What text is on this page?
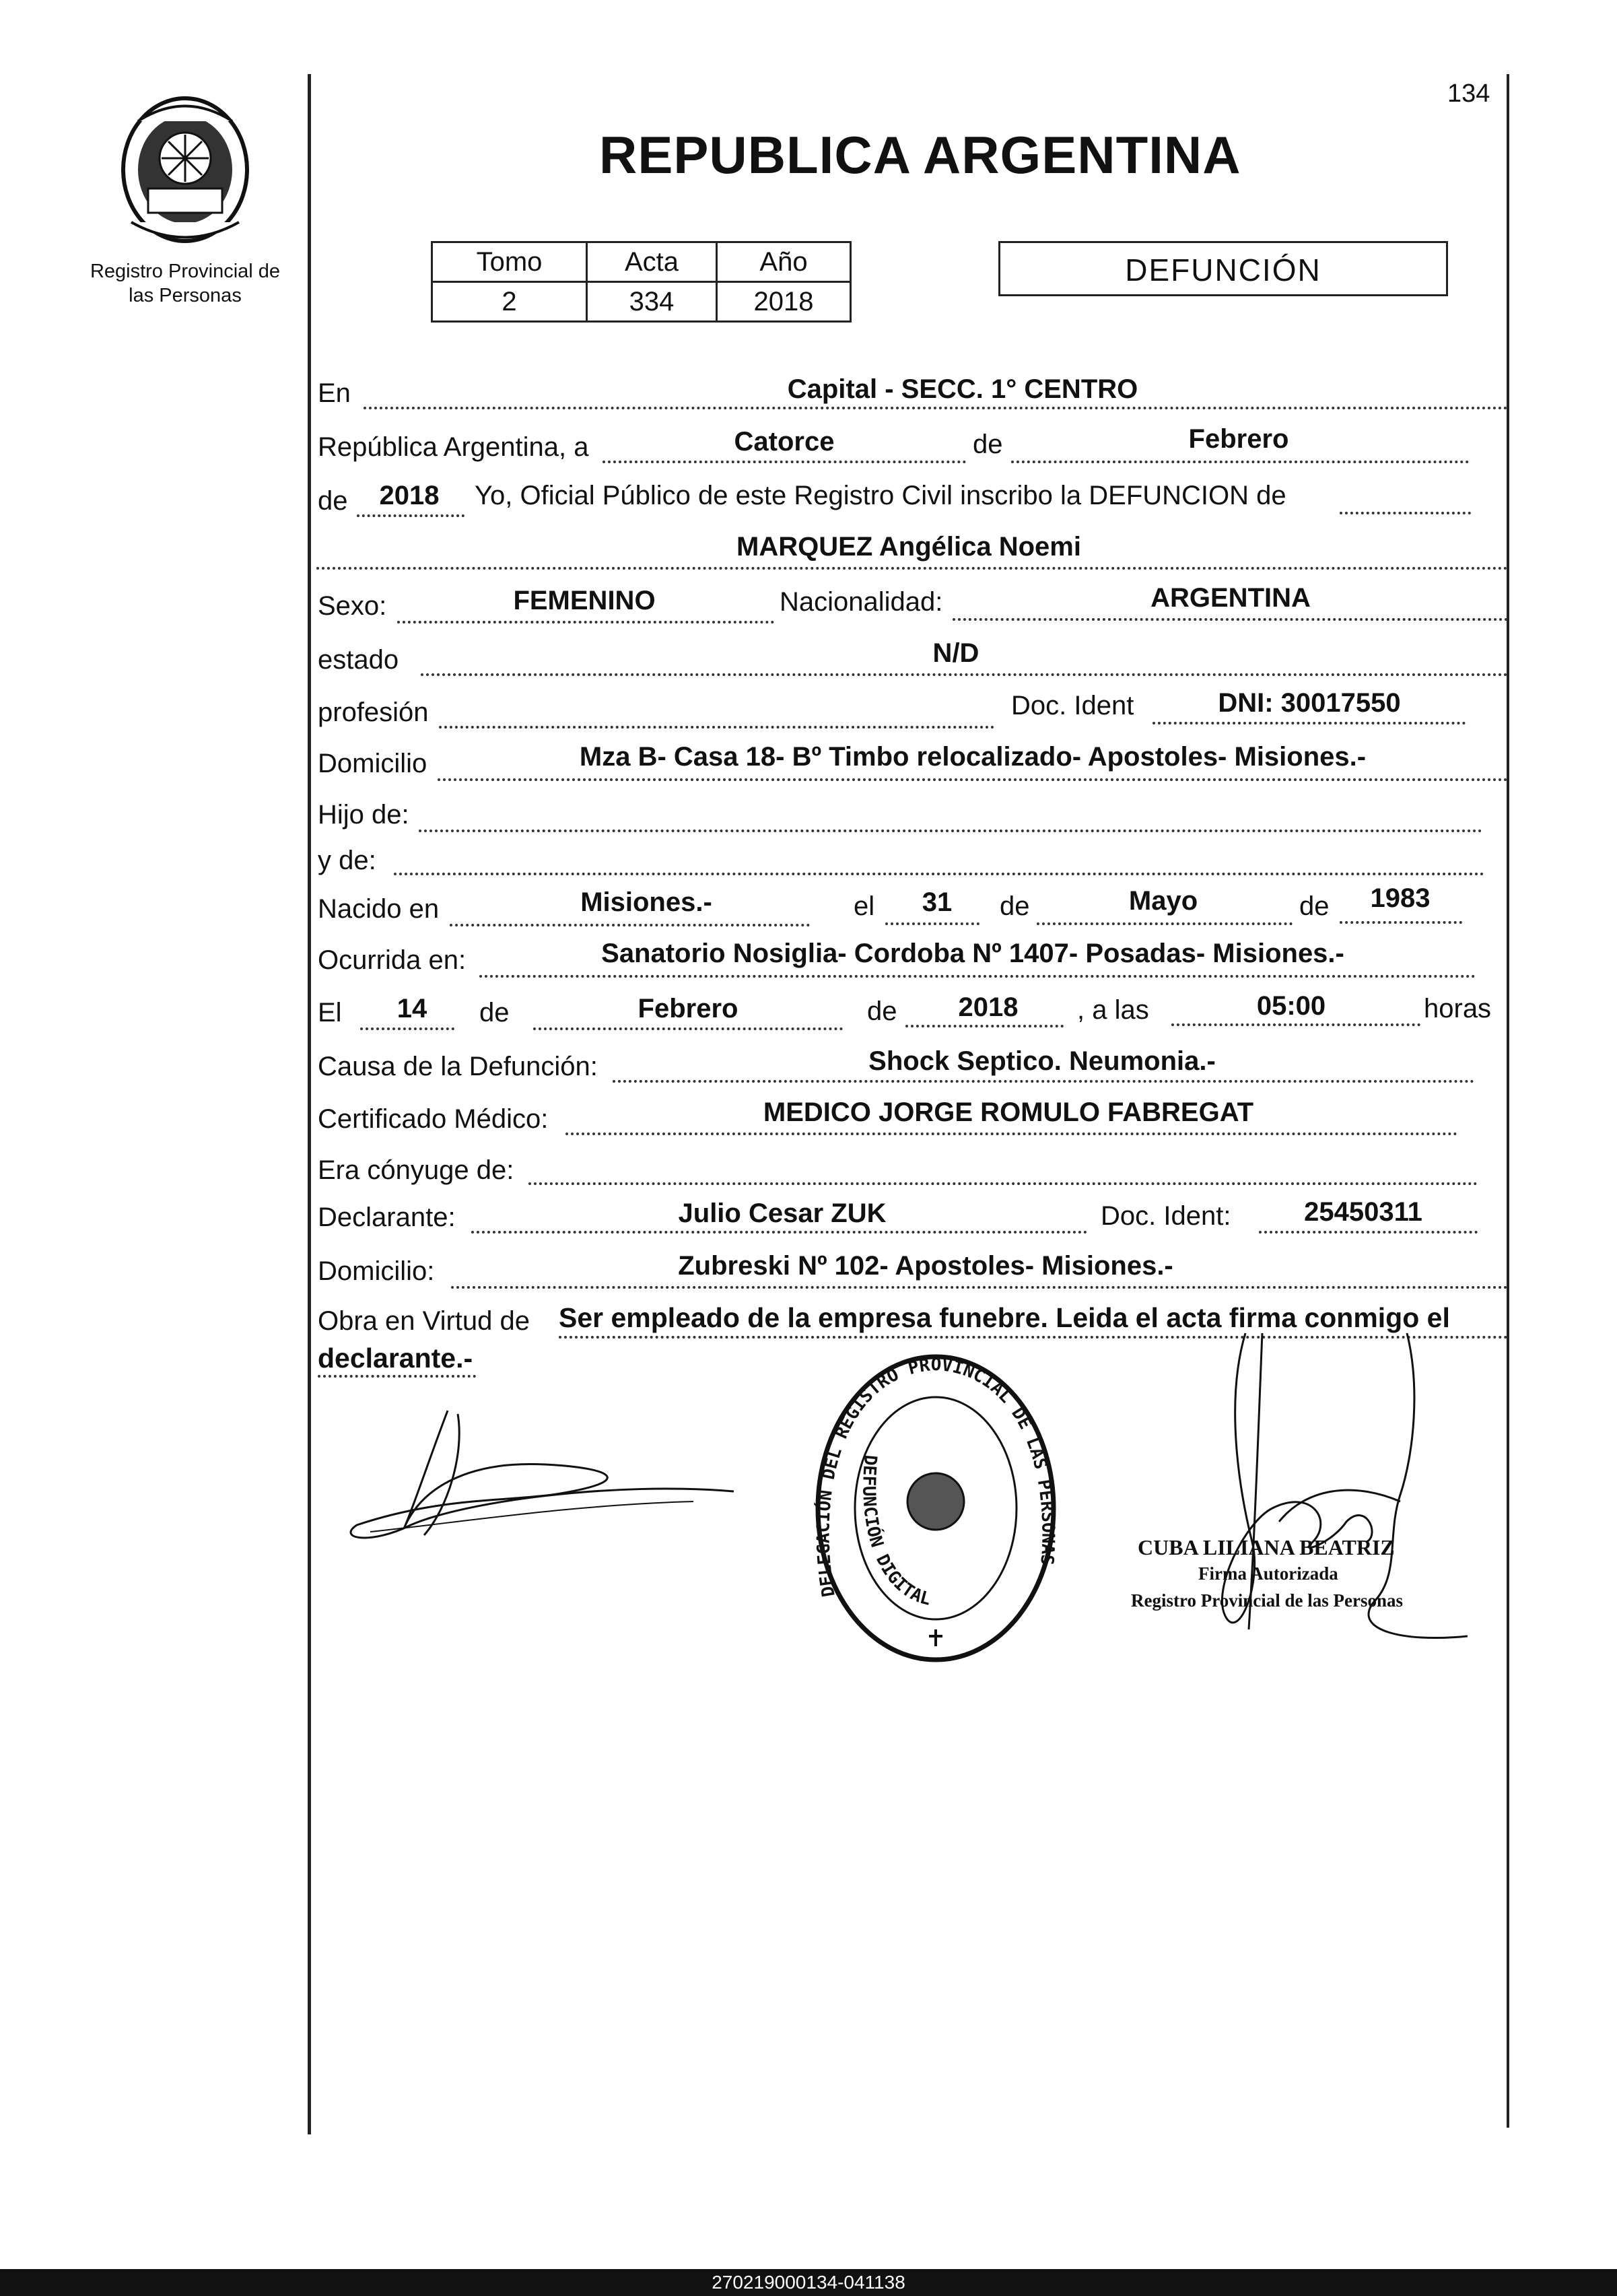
Registro Provincial de
las Personas
134
REPUBLICA ARGENTINA
Tomo	Acta	Año
2	334	2018
DEFUNCIÓN
En	Capital - SECC. 1° CENTRO
República Argentina, a	Catorce	de	Febrero
de 2018 Yo, Oficial Público de este Registro Civil inscribo la DEFUNCION de
MARQUEZ Angélica Noemi
Sexo:	FEMENINO	Nacionalidad:	ARGENTINA
estado	N/D
profesión	Doc. Ident	DNI: 30017550
Domicilio	Mza B- Casa 18- Bº Timbo relocalizado- Apostoles- Misiones.-
Hijo de:
y de:
Nacido en	Misiones.-	el 31 de	Mayo	de 1983
Ocurrida en:	Sanatorio Nosiglia- Cordoba Nº 1407- Posadas- Misiones.-
El 14 de	Febrero	de 2018 , a las	05:00	horas
Causa de la Defunción:	Shock Septico. Neumonia.-
Certificado Médico:	MEDICO JORGE ROMULO FABREGAT
Era cónyuge de:
Declarante:	Julio Cesar ZUK	Doc. Ident:	25450311
Domicilio:	Zubreski Nº 102- Apostoles- Misiones.-
Obra en Virtud de Ser empleado de la empresa funebre. Leida el acta firma conmigo el
declarante.-
DELEGACIÓN DEL REGISTRO PROVINCIAL DE LAS PERSONAS
DEFUNCIÓN DIGITAL
CUBA LILIANA BEATRIZ
Firma Autorizada
Registro Provincial de las Personas
270219000134-041138
